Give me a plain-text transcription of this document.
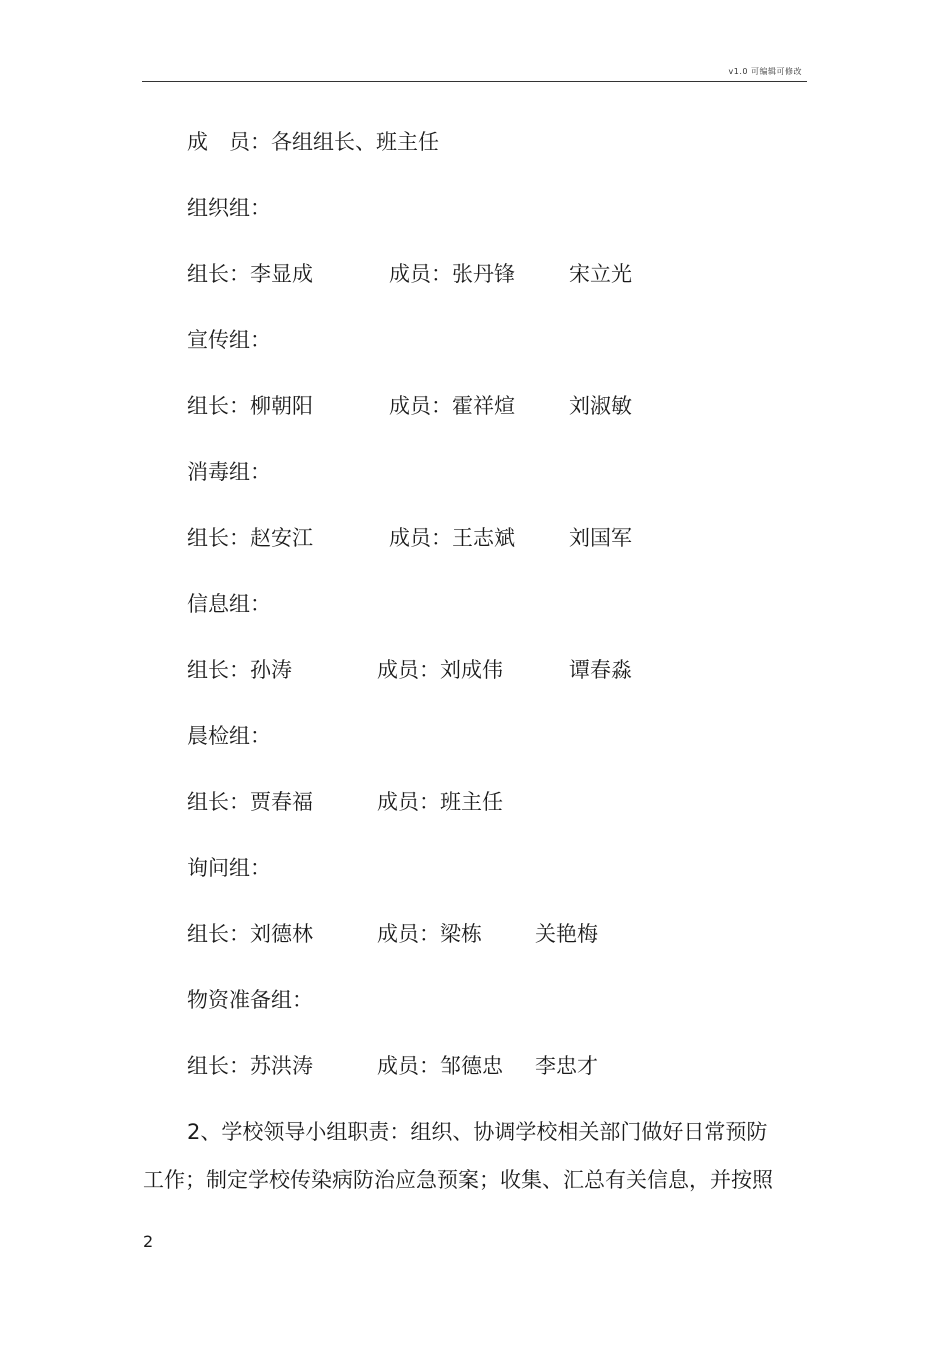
v1.0 可编辑可修改
成　员：各组组长、班主任
组织组：
组长：李显成	成员：张丹锋	宋立光
宣传组：
组长：柳朝阳	成员：霍祥煊	刘淑敏
消毒组：
组长：赵安江	成员：王志斌	刘国军
信息组：
组长：孙涛	成员：刘成伟	谭春淼
晨检组：
组长：贾春福	成员：班主任
询问组：
组长：刘德林	成员：梁栋	关艳梅
物资准备组：
组长：苏洪涛	成员：邹德忠 李忠才
2、学校领导小组职责：组织、协调学校相关部门做好日常预防
工作；制定学校传染病防治应急预案；收集、汇总有关信息，并按照
2
